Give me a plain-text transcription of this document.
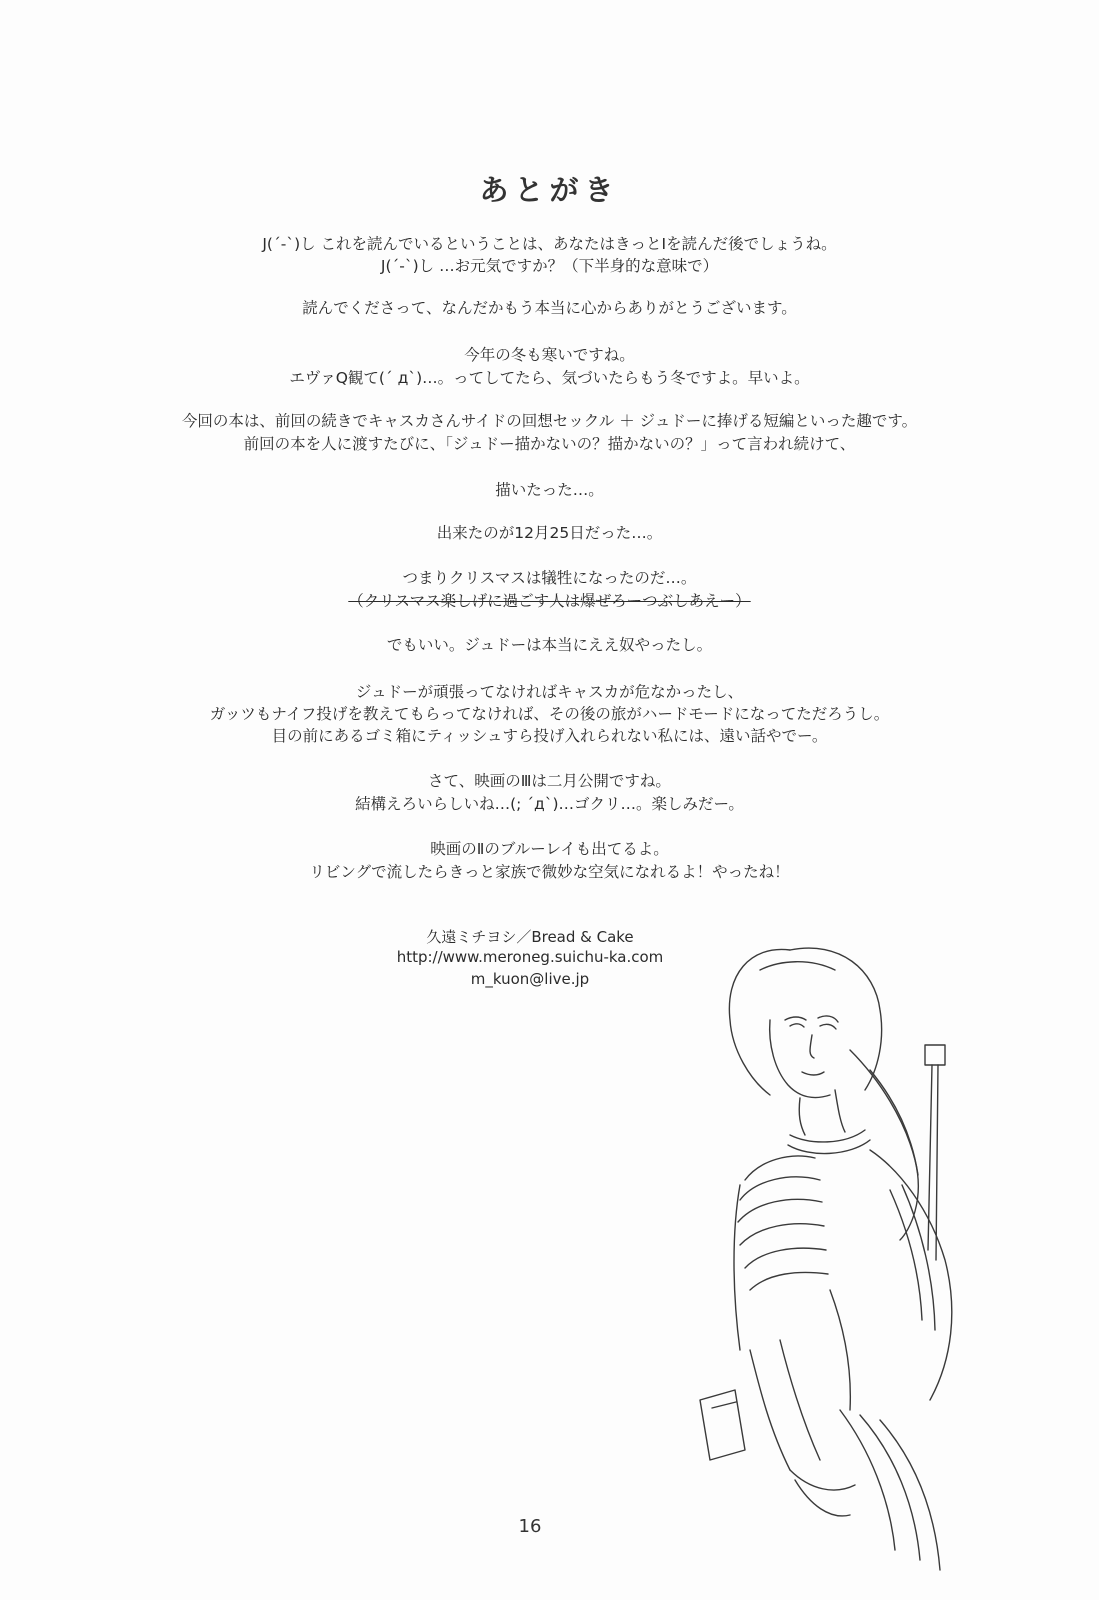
あとがき
J(´-`)し これを読んでいるということは、あなたはきっとⅠを読んだ後でしょうね。
J(´-`)し …お元気ですか？（下半身的な意味で）
読んでくださって、なんだかもう本当に心からありがとうございます。
今年の冬も寒いですね。
エヴァQ観て(´ д`)…。ってしてたら、気づいたらもう冬ですよ。早いよ。
今回の本は、前回の続きでキャスカさんサイドの回想セックル ＋ ジュドーに捧げる短編といった趣です。
前回の本を人に渡すたびに、「ジュドー描かないの？描かないの？」って言われ続けて、
描いたった…。
出来たのが12月25日だった…。
つまりクリスマスは犠牲になったのだ…。
（クリスマス楽しげに過ごす人は爆ぜろーつぶしあえー）
でもいい。ジュドーは本当にええ奴やったし。
ジュドーが頑張ってなければキャスカが危なかったし、
ガッツもナイフ投げを教えてもらってなければ、その後の旅がハードモードになってただろうし。
目の前にあるゴミ箱にティッシュすら投げ入れられない私には、遠い話やでー。
さて、映画のⅢは二月公開ですね。
結構えろいらしいね…(; ´д`)…ゴクリ…。楽しみだー。
映画のⅡのブルーレイも出てるよ。
リビングで流したらきっと家族で微妙な空気になれるよ！やったね！
久遠ミチヨシ／Bread & Cake
http://www.meroneg.suichu-ka.com
m_kuon@live.jp
16
